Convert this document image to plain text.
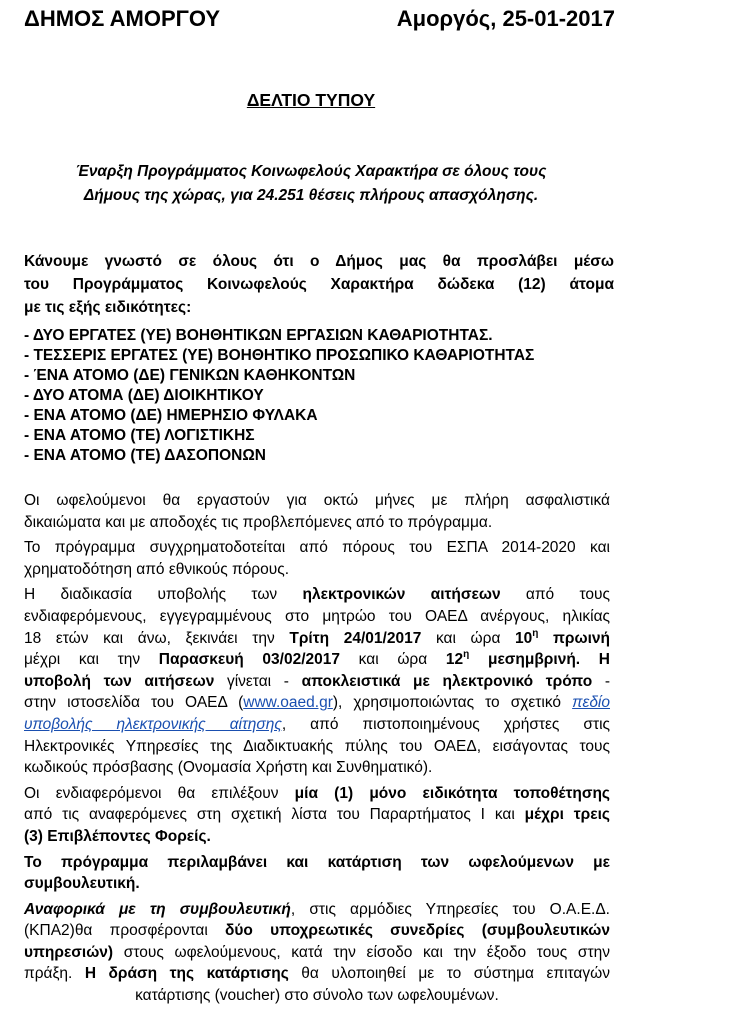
ΔΗΜΟΣ ΑΜΟΡΓΟΥ	Αμοργός, 25-01-2017
ΔΕΛΤΙΟ ΤΥΠΟΥ
Έναρξη Προγράμματος Κοινωφελούς Χαρακτήρα σε όλους τους
Δήμους της χώρας, για 24.251 θέσεις πλήρους απασχόλησης.
Κάνουμε γνωστό σε όλους ότι ο Δήμος μας θα προσλάβει μέσω
του Προγράμματος Κοινωφελούς Χαρακτήρα δώδεκα (12) άτομα
με τις εξής ειδικότητες:
- ΔΥΟ ΕΡΓΑΤΕΣ (ΥΕ) ΒΟΗΘΗΤΙΚΩΝ ΕΡΓΑΣΙΩΝ ΚΑΘΑΡΙΟΤΗΤΑΣ.
- ΤΕΣΣΕΡΙΣ ΕΡΓΑΤΕΣ (ΥΕ) ΒΟΗΘΗΤΙΚΟ ΠΡΟΣΩΠΙΚΟ ΚΑΘΑΡΙΟΤΗΤΑΣ
- ΈΝΑ ΑΤΟΜΟ (ΔΕ) ΓΕΝΙΚΩΝ ΚΑΘΗΚΟΝΤΩΝ
- ΔΥΟ ΑΤΟΜΑ (ΔΕ) ΔΙΟΙΚΗΤΙΚΟΥ
- ΕΝΑ ΑΤΟΜΟ (ΔΕ) ΗΜΕΡΗΣΙΟ ΦΥΛΑΚΑ
- ΕΝΑ ΑΤΟΜΟ (ΤΕ) ΛΟΓΙΣΤΙΚΗΣ
- ΕΝΑ ΑΤΟΜΟ (ΤΕ) ΔΑΣΟΠΟΝΩΝ

Οι ωφελούμενοι θα εργαστούν για οκτώ μήνες με πλήρη ασφαλιστικά
δικαιώματα και με αποδοχές τις προβλεπόμενες από το πρόγραμμα.

Το πρόγραμμα συγχρηματοδοτείται από πόρους του ΕΣΠΑ 2014-2020 και
χρηματοδότηση από εθνικούς πόρους.

Η διαδικασία υποβολής των ηλεκτρονικών αιτήσεων από τους
ενδιαφερόμενους, εγγεγραμμένους στο μητρώο του ΟΑΕΔ ανέργους, ηλικίας
18 ετών και άνω, ξεκινάει την Τρίτη 24/01/2017 και ώρα $10^\eta$ πρωινή
μέχρι και την Παρασκευή 03/02/2017 και ώρα $12^\eta$ μεσημβρινή. Η
υποβολή των αιτήσεων γίνεται - αποκλειστικά με ηλεκτρονικό τρόπο -
στην ιστοσελίδα του ΟΑΕΔ (www.oaed.gr), χρησιμοποιώντας το σχετικό πεδίο
υποβολής ηλεκτρονικής αίτησης, από πιστοποιημένους χρήστες στις
Ηλεκτρονικές Υπηρεσίες της Διαδικτυακής πύλης του ΟΑΕΔ, εισάγοντας τους
κωδικούς πρόσβασης (Ονομασία Χρήστη και Συνθηματικό).

Οι ενδιαφερόμενοι θα επιλέξουν μία (1) μόνο ειδικότητα τοποθέτησης
από τις αναφερόμενες στη σχετική λίστα του Παραρτήματος Ι και μέχρι τρεις
(3) Επιβλέποντες Φορείς.

Το πρόγραμμα περιλαμβάνει και κατάρτιση των ωφελούμενων με
συμβουλευτική.

Αναφορικά με τη συμβουλευτική, στις αρμόδιες Υπηρεσίες του Ο.Α.Ε.Δ.
(ΚΠΑ2)θα προσφέρονται δύο υποχρεωτικές συνεδρίες (συμβουλευτικών
υπηρεσιών) στους ωφελούμενους, κατά την είσοδο και την έξοδο τους στην
πράξη. Η δράση της κατάρτισης θα υλοποιηθεί με το σύστημα επιταγών
κατάρτισης (voucher) στο σύνολο των ωφελουμένων.
